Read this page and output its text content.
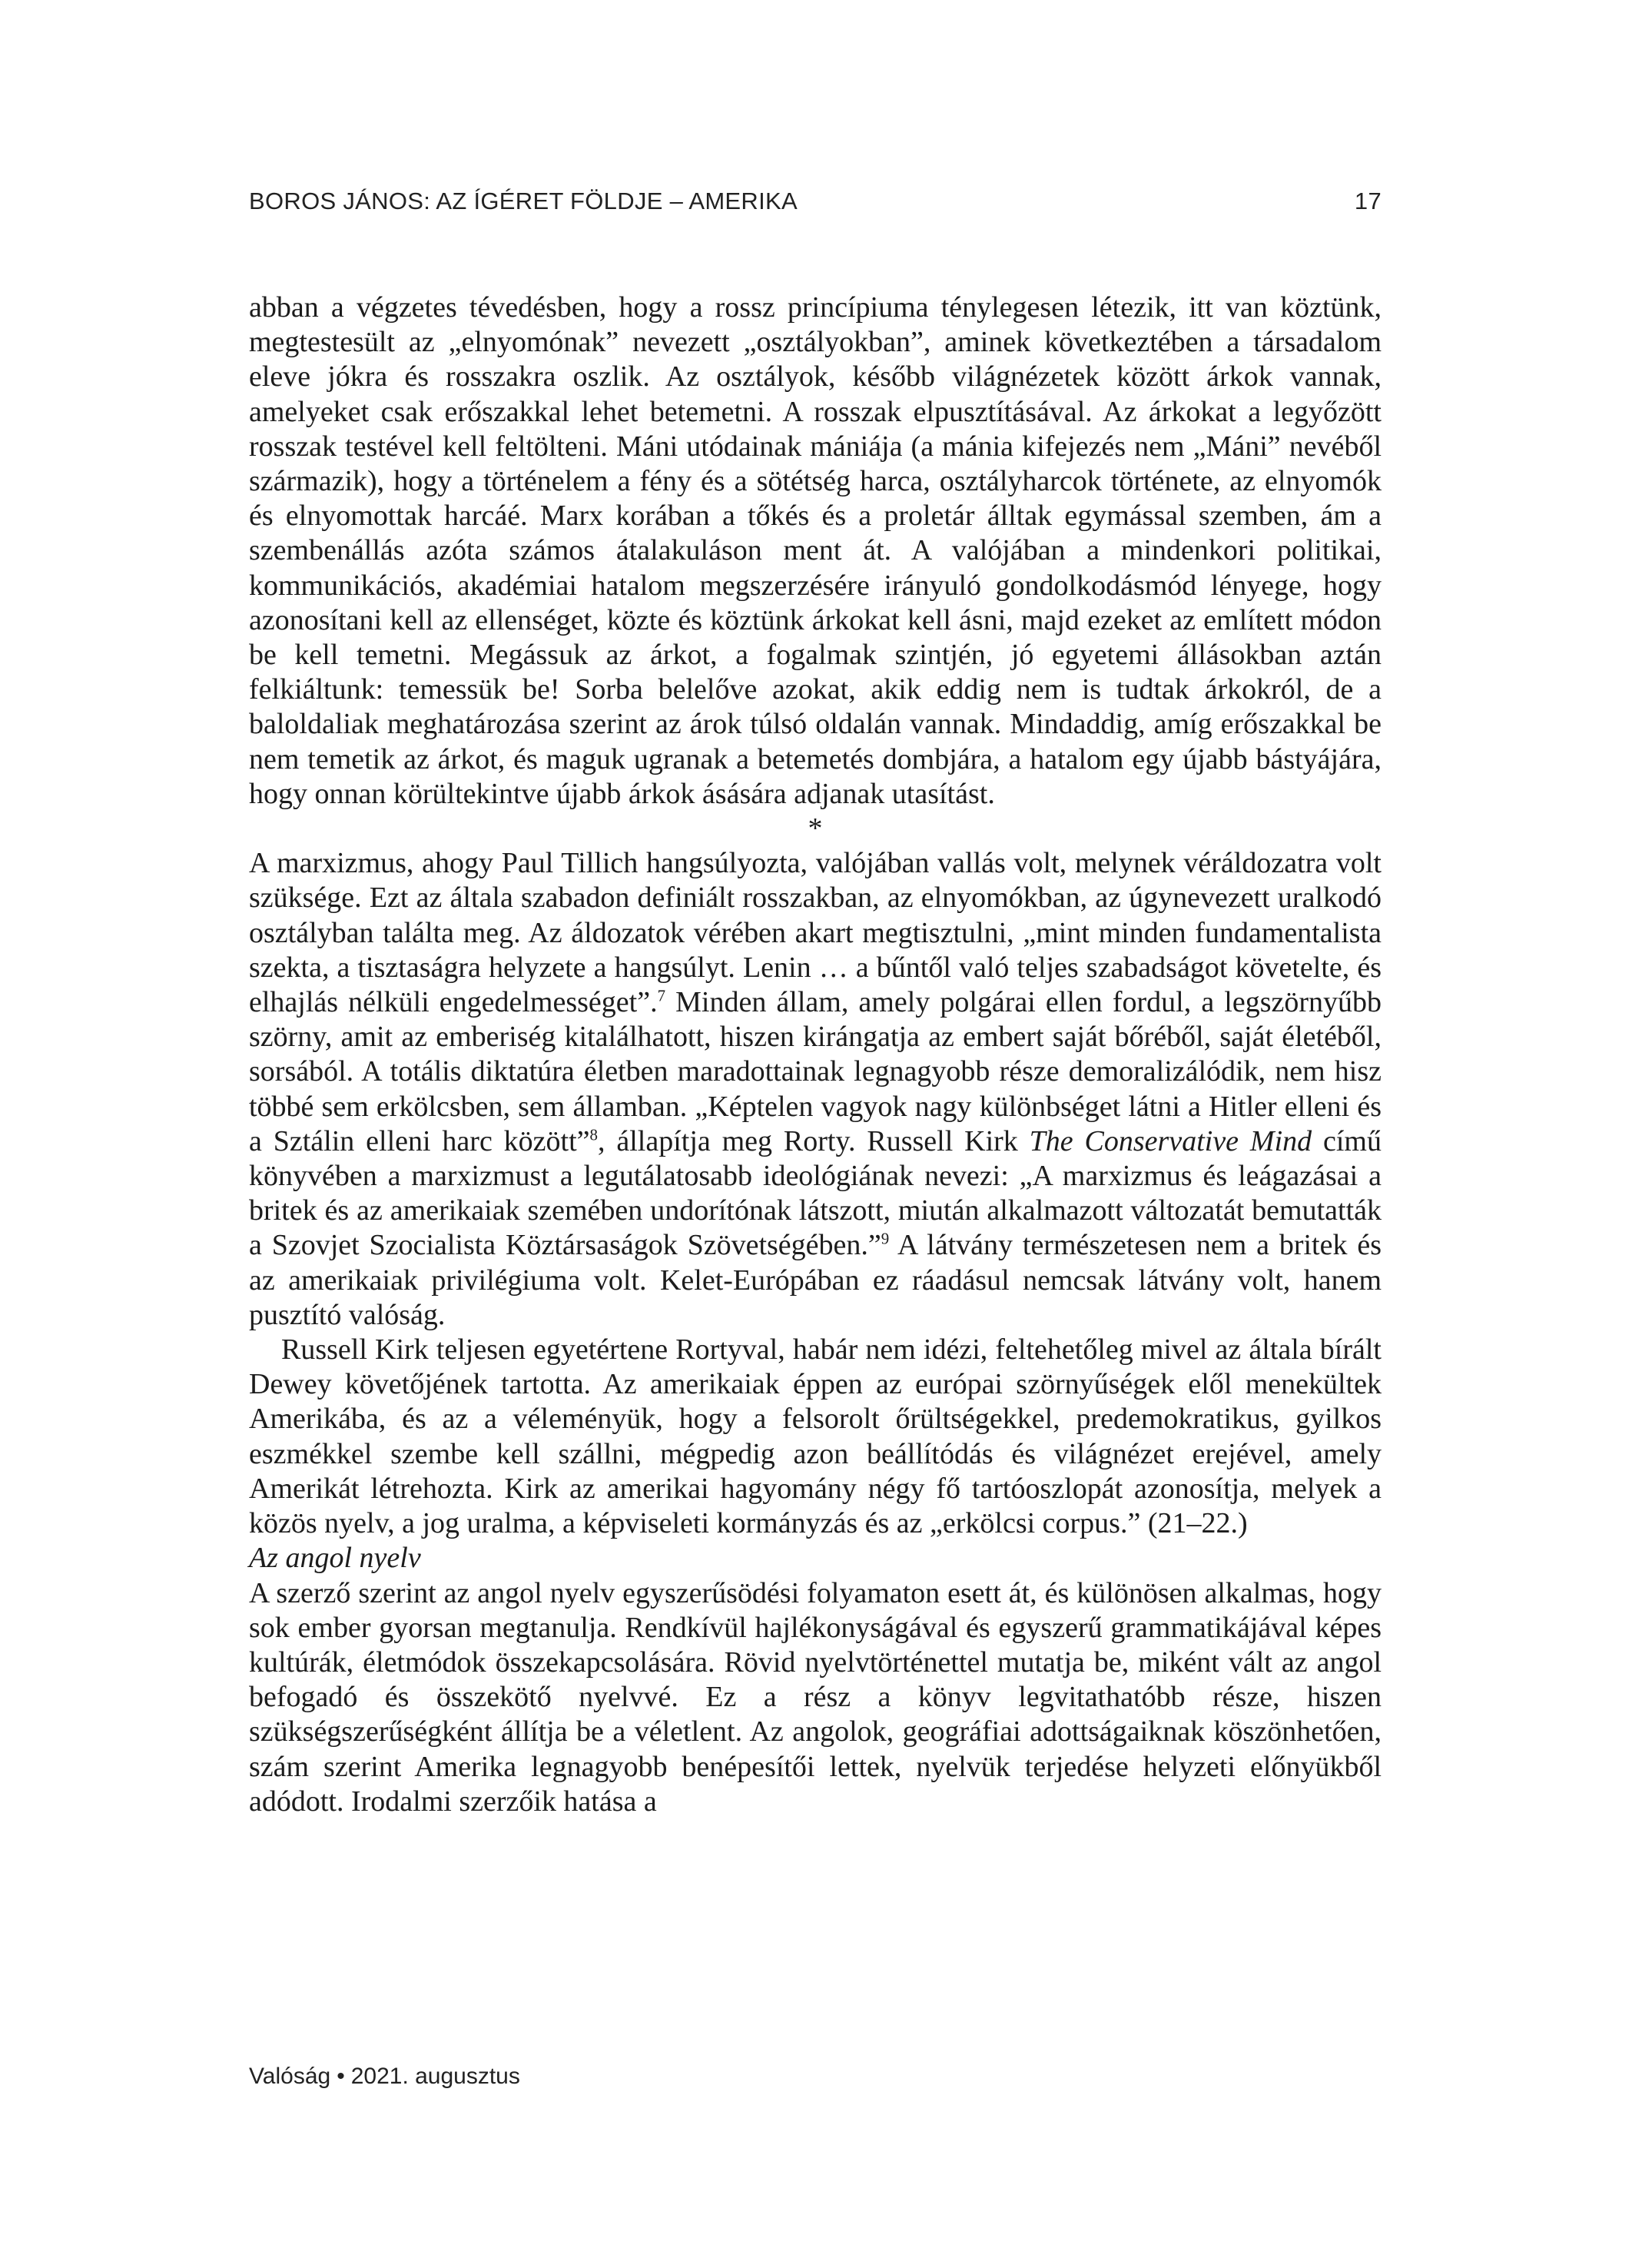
BOROS JÁNOS: AZ ÍGÉRET FÖLDJE – AMERIKA	17

abban a végzetes tévedésben, hogy a rossz princípiuma ténylegesen létezik, itt van köztünk, megtestesült az „elnyomónak” nevezett „osztályokban”, aminek következtében a társadalom eleve jókra és rosszakra oszlik. Az osztályok, később világnézetek között árkok vannak, amelyeket csak erőszakkal lehet betemetni. A rosszak elpusztításával. Az árkokat a legyőzött rosszak testével kell feltölteni. Máni utódainak mániája (a mánia kifejezés nem „Máni” nevéből származik), hogy a történelem a fény és a sötétség harca, osztályharcok története, az elnyomók és elnyomottak harcáé. Marx korában a tőkés és a proletár álltak egymással szemben, ám a szembenállás azóta számos átalakuláson ment át. A valójában a mindenkori politikai, kommunikációs, akadémiai hatalom megszerzésére irányuló gondolkodásmód lényege, hogy azonosítani kell az ellenséget, közte és köztünk árkokat kell ásni, majd ezeket az említett módon be kell temetni. Megássuk az árkot, a fogalmak szintjén, jó egyetemi állásokban aztán felkiáltunk: temessük be! Sorba belelőve azokat, akik eddig nem is tudtak árkokról, de a baloldaliak meghatározása szerint az árok túlsó oldalán vannak. Mindaddig, amíg erőszakkal be nem temetik az árkot, és maguk ugranak a betemetés dombjára, a hatalom egy újabb bástyájára, hogy onnan körültekintve újabb árkok ásására adjanak utasítást.

*

A marxizmus, ahogy Paul Tillich hangsúlyozta, valójában vallás volt, melynek véráldozatra volt szüksége. Ezt az általa szabadon definiált rosszakban, az elnyomókban, az úgynevezett uralkodó osztályban találta meg. Az áldozatok vérében akart megtisztulni, „mint minden fundamentalista szekta, a tisztaságra helyzete a hangsúlyt. Lenin … a bűntől való teljes szabadságot követelte, és elhajlás nélküli engedelmességet”.$^7$ Minden állam, amely polgárai ellen fordul, a legszörnyűbb szörny, amit az emberiség kitalálhatott, hiszen kirángatja az embert saját bőréből, saját életéből, sorsából. A totális diktatúra életben maradottainak legnagyobb része demoralizálódik, nem hisz többé sem erkölcsben, sem államban. „Képtelen vagyok nagy különbséget látni a Hitler elleni és a Sztálin elleni harc között”$^8$, állapítja meg Rorty. Russell Kirk The Conservative Mind című könyvében a marxizmust a legutálatosabb ideológiának nevezi: „A marxizmus és leágazásai a britek és az amerikaiak szemében undorítónak látszott, miután alkalmazott változatát bemutatták a Szovjet Szocialista Köztársaságok Szövetségében.”$^9$ A látvány természetesen nem a britek és az amerikaiak privilégiuma volt. Kelet-Európában ez ráadásul nemcsak látvány volt, hanem pusztító valóság.

Russell Kirk teljesen egyetértene Rortyval, habár nem idézi, feltehetőleg mivel az általa bírált Dewey követőjének tartotta. Az amerikaiak éppen az európai szörnyűségek elől menekültek Amerikába, és az a véleményük, hogy a felsorolt őrültségekkel, predemokratikus, gyilkos eszmékkel szembe kell szállni, mégpedig azon beállítódás és világnézet erejével, amely Amerikát létrehozta. Kirk az amerikai hagyomány négy fő tartóoszlopát azonosítja, melyek a közös nyelv, a jog uralma, a képviseleti kormányzás és az „erkölcsi corpus.” (21–22.)

Az angol nyelv

A szerző szerint az angol nyelv egyszerűsödési folyamaton esett át, és különösen alkalmas, hogy sok ember gyorsan megtanulja. Rendkívül hajlékonyságával és egyszerű grammatikájával képes kultúrák, életmódok összekapcsolására. Rövid nyelvtörténettel mutatja be, miként vált az angol befogadó és összekötő nyelvvé. Ez a rész a könyv legvitathatóbb része, hiszen szükségszerűségként állítja be a véletlent. Az angolok, geográfiai adottságaiknak köszönhetően, szám szerint Amerika legnagyobb benépesítői lettek, nyelvük terjedése helyzeti előnyükből adódott. Irodalmi szerzőik hatása a

Valóság • 2021. augusztus
